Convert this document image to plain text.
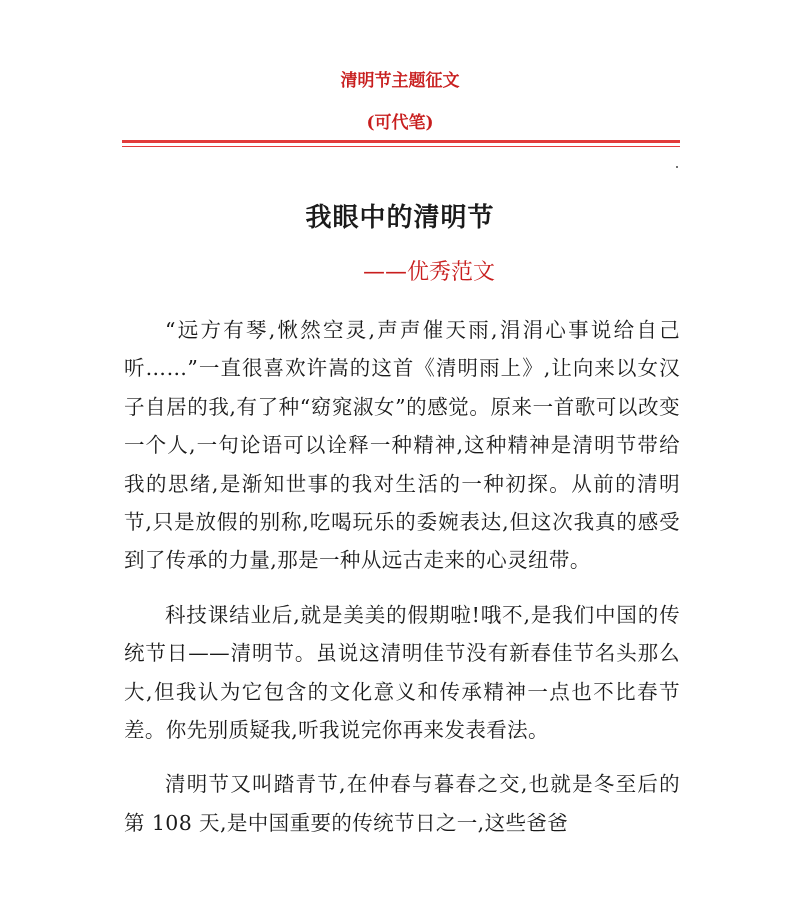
清明节主题征文
(可代笔)
我眼中的清明节
——优秀范文

“远方有琴,愀然空灵,声声催天雨,涓涓心事说给自己听……”一直很喜欢许嵩的这首《清明雨上》,让向来以女汉子自居的我,有了种“窈窕淑女”的感觉。原来一首歌可以改变一个人,一句论语可以诠释一种精神,这种精神是清明节带给我的思绪,是渐知世事的我对生活的一种初探。从前的清明节,只是放假的别称,吃喝玩乐的委婉表达,但这次我真的感受到了传承的力量,那是一种从远古走来的心灵纽带。

科技课结业后,就是美美的假期啦!哦不,是我们中国的传统节日——清明节。虽说这清明佳节没有新春佳节名头那么大,但我认为它包含的文化意义和传承精神一点也不比春节差。你先别质疑我,听我说完你再来发表看法。

清明节又叫踏青节,在仲春与暮春之交,也就是冬至后的第 108 天,是中国重要的传统节日之一,这些爸爸
